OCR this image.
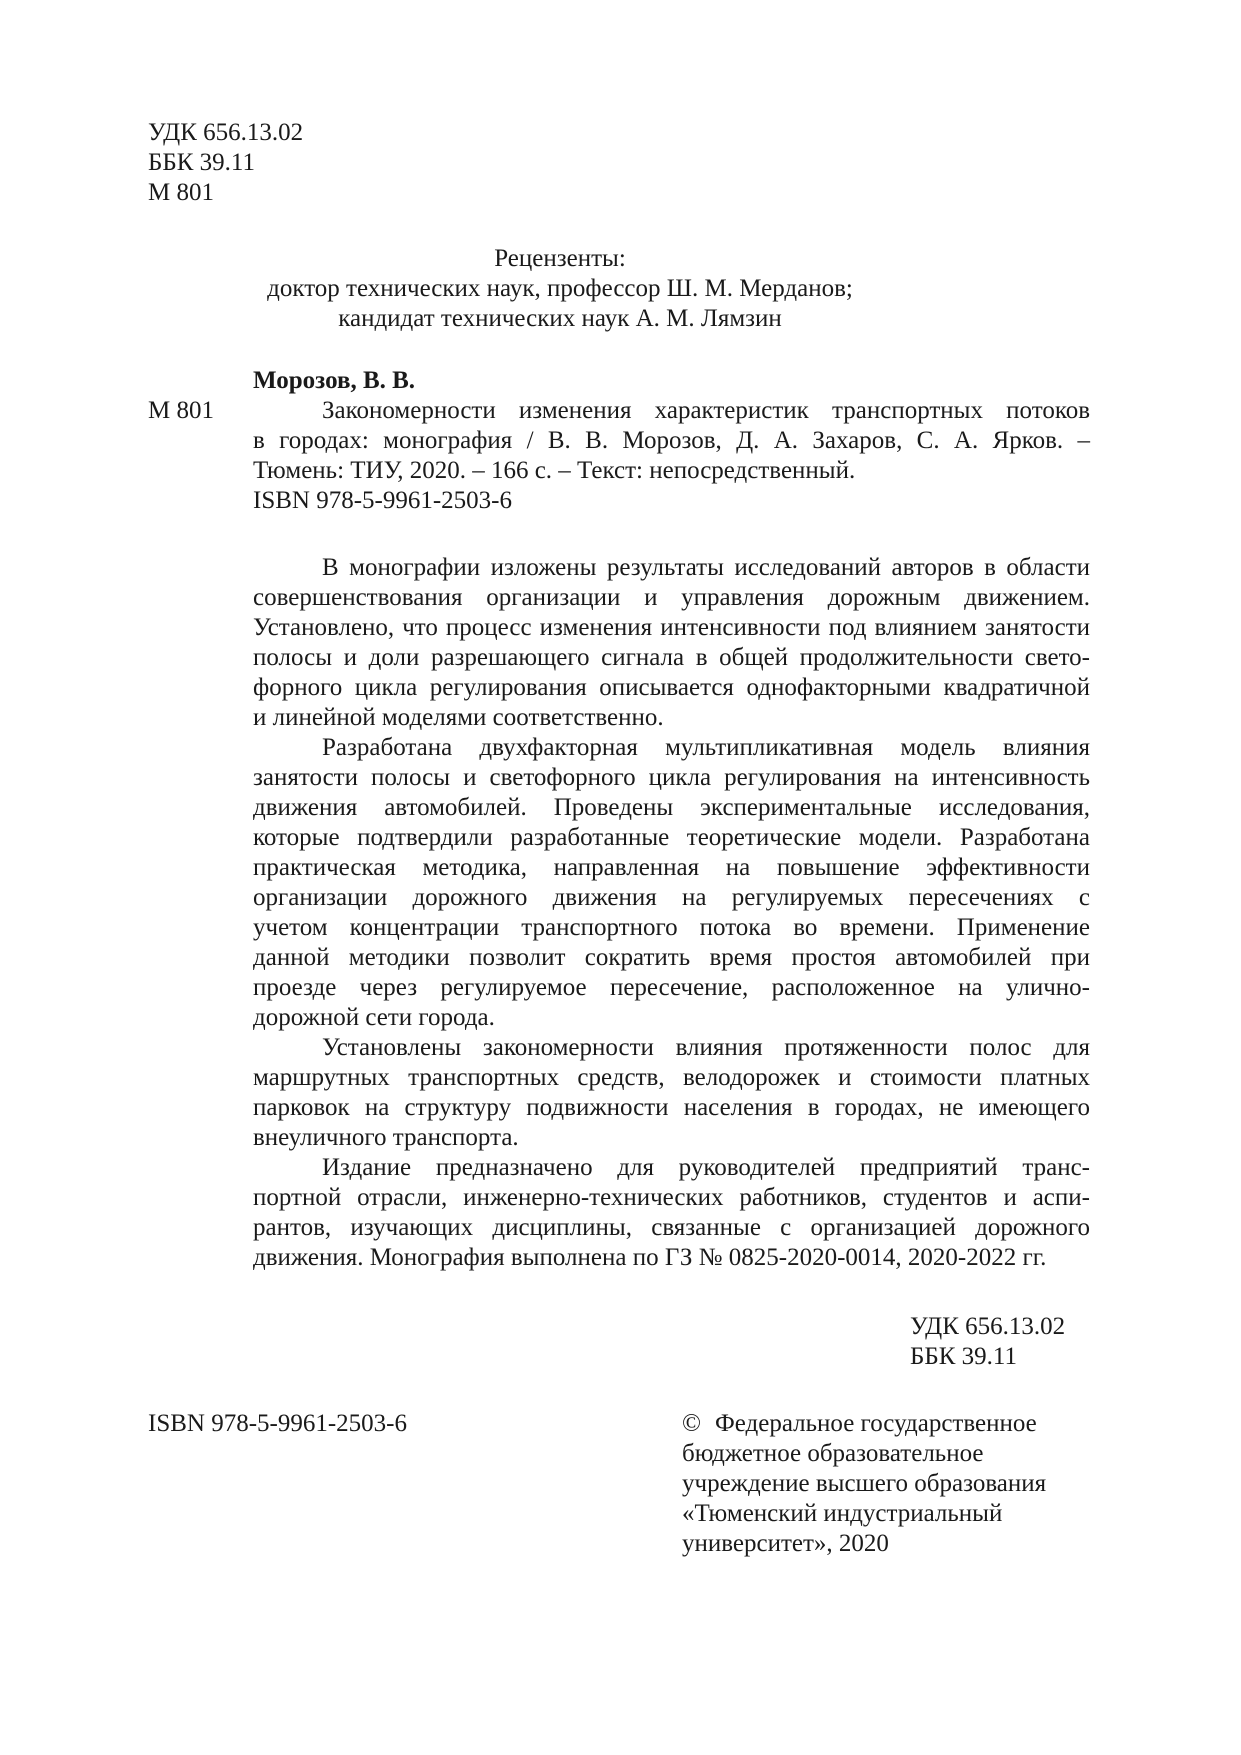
УДК 656.13.02
ББК 39.11
М 801
Рецензенты:
доктор технических наук, профессор Ш. М. Мерданов;
кандидат технических наук А. М. Лямзин
Морозов, В. В.
М 801	Закономерности изменения характеристик транспортных потоков
в городах: монография / В. В. Морозов, Д. А. Захаров, С. А. Ярков. –
Тюмень: ТИУ, 2020. – 166 с. – Текст: непосредственный.
ISBN 978-5-9961-2503-6
В монографии изложены результаты исследований авторов в области
совершенствования организации и управления дорожным движением.
Установлено, что процесс изменения интенсивности под влиянием занятости
полосы и доли разрешающего сигнала в общей продолжительности свето-
форного цикла регулирования описывается однофакторными квадратичной
и линейной моделями соответственно.
Разработана двухфакторная мультипликативная модель влияния
занятости полосы и светофорного цикла регулирования на интенсивность
движения автомобилей. Проведены экспериментальные исследования,
которые подтвердили разработанные теоретические модели. Разработана
практическая методика, направленная на повышение эффективности
организации дорожного движения на регулируемых пересечениях с
учетом концентрации транспортного потока во времени. Применение
данной методики позволит сократить время простоя автомобилей при
проезде через регулируемое пересечение, расположенное на улично-
дорожной сети города.
Установлены закономерности влияния протяженности полос для
маршрутных транспортных средств, велодорожек и стоимости платных
парковок на структуру подвижности населения в городах, не имеющего
внеуличного транспорта.
Издание предназначено для руководителей предприятий транс-
портной отрасли, инженерно-технических работников, студентов и аспи-
рантов, изучающих дисциплины, связанные с организацией дорожного
движения. Монография выполнена по ГЗ № 0825-2020-0014, 2020-2022 гг.
УДК 656.13.02
ББК 39.11
ISBN 978-5-9961-2503-6	© Федеральное государственное
бюджетное образовательное
учреждение высшего образования
«Тюменский индустриальный
университет», 2020
